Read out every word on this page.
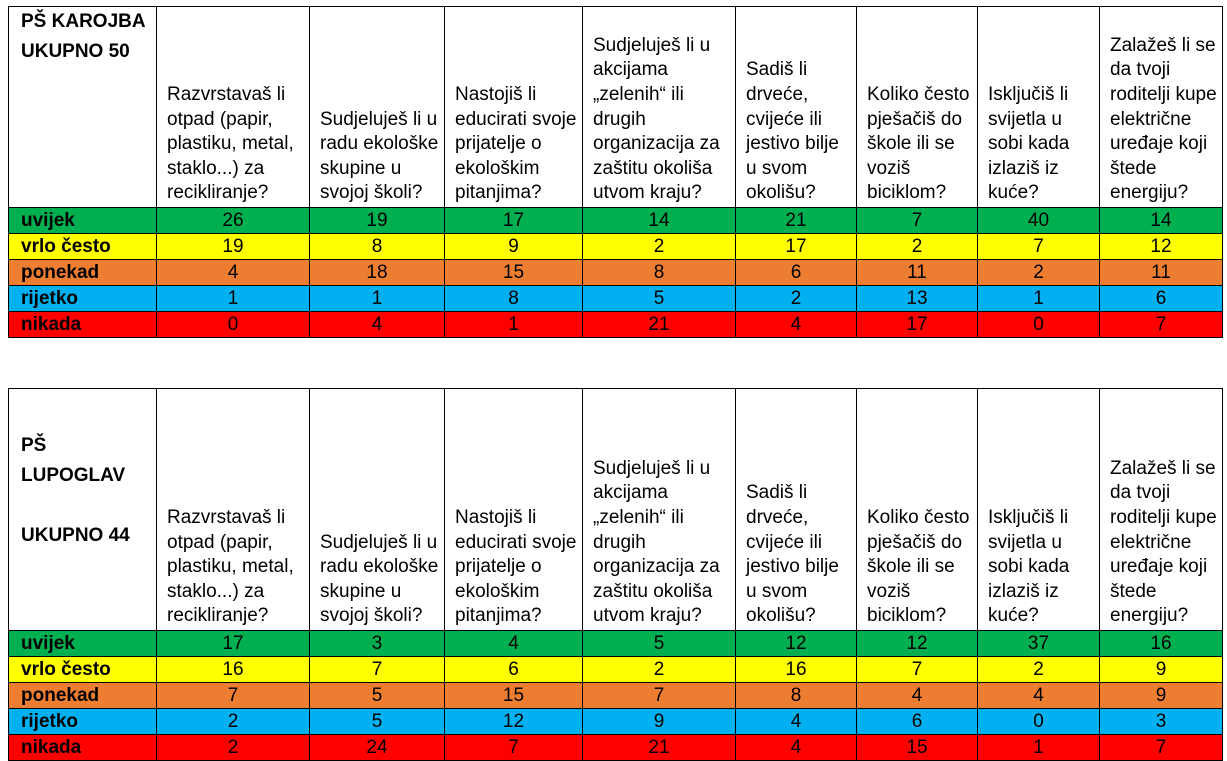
PŠ KAROJBA
UKUPNO 50	Razvrstavaš li otpad (papir, plastiku, metal, staklo...) za recikliranje?	Sudjeluješ li u radu ekološke skupine u svojoj školi?	Nastojiš li educirati svoje prijatelje o ekološkim pitanjima?	Sudjeluješ li u akcijama „zelenih“ ili drugih organizacija za zaštitu okoliša utvom kraju?	Sadiš li drveće, cvijeće ili jestivo bilje u svom okolišu?	Koliko često pješačiš do škole ili se voziš biciklom?	Isključiš li svijetla u sobi kada izlaziš iz kuće?	Zalažeš li se da tvoji roditelji kupe električne uređaje koji štede energiju?
uvijek	26	19	17	14	21	7	40	14
vrlo često	19	8	9	2	17	2	7	12
ponekad	4	18	15	8	6	11	2	11
rijetko	1	1	8	5	2	13	1	6
nikada	0	4	1	21	4	17	0	7
PŠ
LUPOGLAV

UKUPNO 44	Razvrstavaš li otpad (papir, plastiku, metal, staklo...) za recikliranje?	Sudjeluješ li u radu ekološke skupine u svojoj školi?	Nastojiš li educirati svoje prijatelje o ekološkim pitanjima?	Sudjeluješ li u akcijama „zelenih“ ili drugih organizacija za zaštitu okoliša utvom kraju?	Sadiš li drveće, cvijeće ili jestivo bilje u svom okolišu?	Koliko često pješačiš do škole ili se voziš biciklom?	Isključiš li svijetla u sobi kada izlaziš iz kuće?	Zalažeš li se da tvoji roditelji kupe električne uređaje koji štede energiju?
uvijek	17	3	4	5	12	12	37	16
vrlo često	16	7	6	2	16	7	2	9
ponekad	7	5	15	7	8	4	4	9
rijetko	2	5	12	9	4	6	0	3
nikada	2	24	7	21	4	15	1	7
